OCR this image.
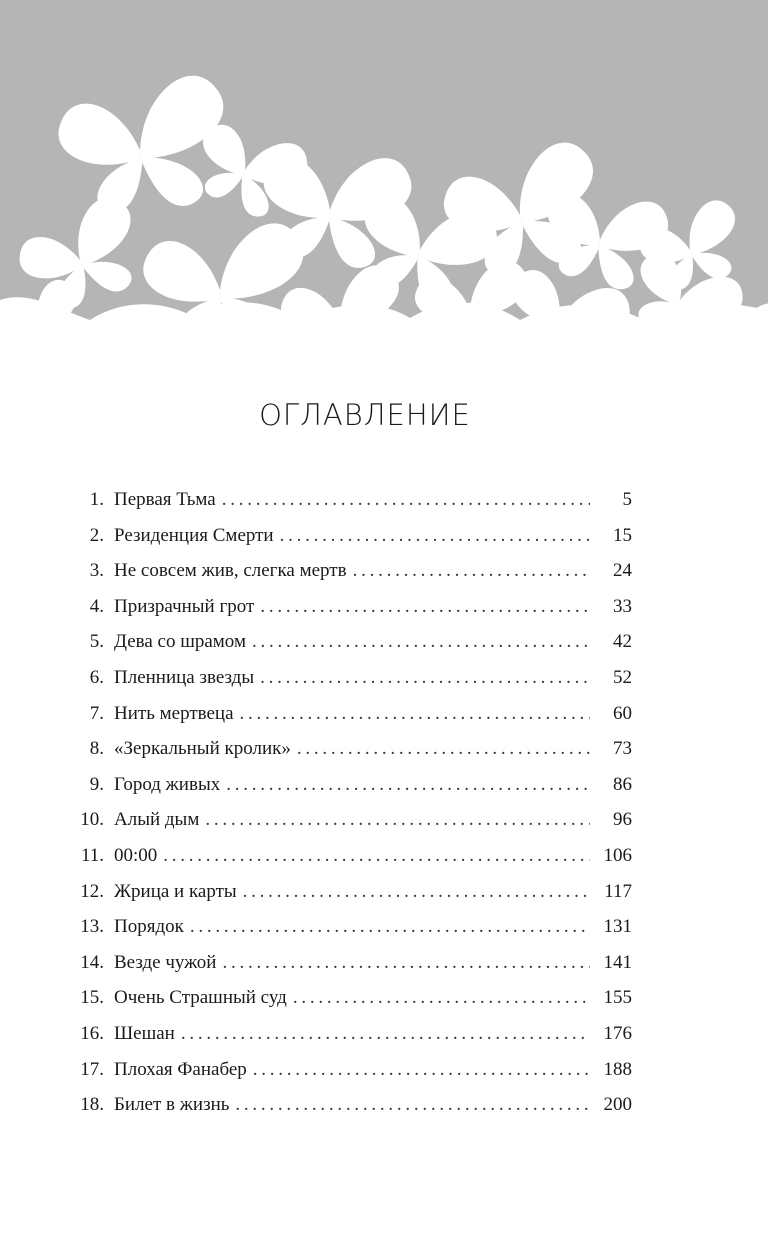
ОГЛАВЛЕНИЕ
1. Первая Тьма . . .	5
2. Резиденция Смерти . . .	15
3. Не совсем жив, слегка мертв . . .	24
4. Призрачный грот . . .	33
5. Дева со шрамом . . .	42
6. Пленница звезды . . .	52
7. Нить мертвеца . . .	60
8. «Зеркальный кролик» . . .	73
9. Город живых . . .	86
10. Алый дым . . .	96
11. 00:00 . . .	106
12. Жрица и карты . . .	117
13. Порядок . . .	131
14. Везде чужой . . .	141
15. Очень Страшный суд . . .	155
16. Шешан . . .	176
17. Плохая Фанабер . . .	188
18. Билет в жизнь . . .	200
